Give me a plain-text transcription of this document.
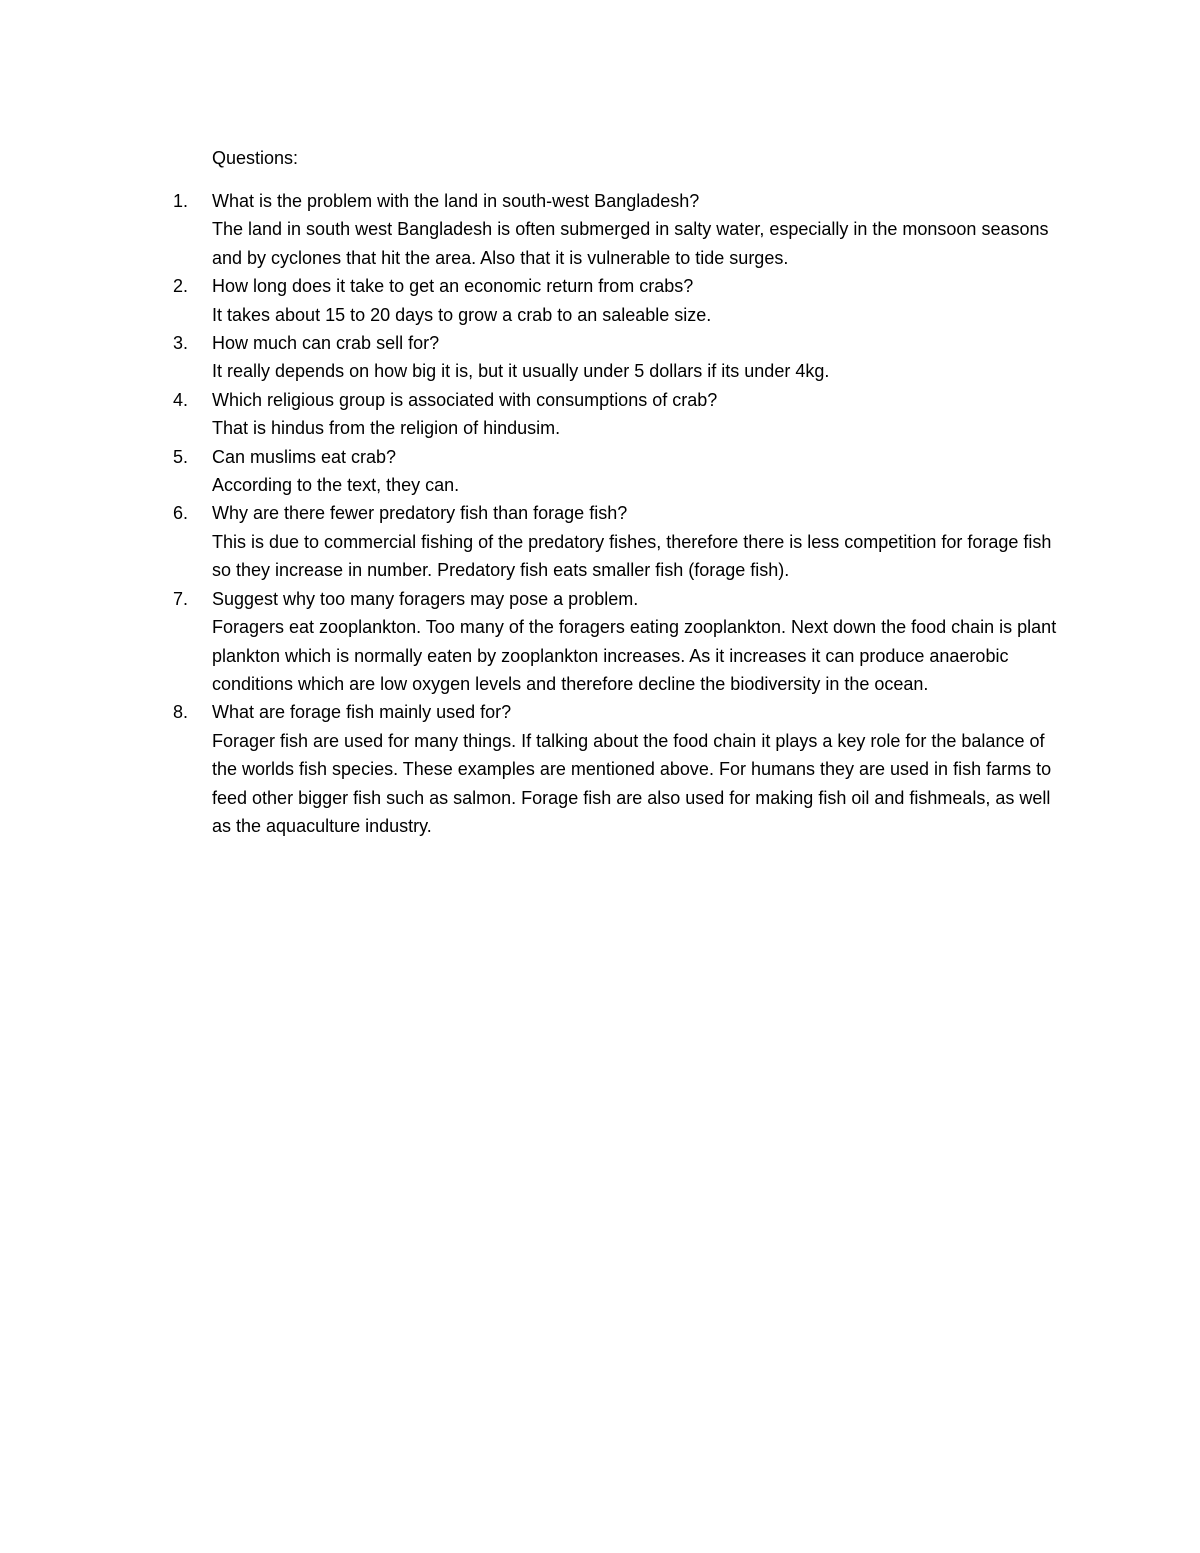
Questions:
1.	What is the problem with the land in south-west Bangladesh?
The land in south west Bangladesh is often submerged in salty water, especially in the monsoon seasons and by cyclones that hit the area. Also that it is vulnerable to tide surges.
2.	How long does it take to get an economic return from crabs?
It takes about 15 to 20 days to grow a crab to an saleable size.
3.	How much can crab sell for?
It really depends on how big it is, but it usually under 5 dollars if its under 4kg.
4.	Which religious group is associated with consumptions of crab?
That is hindus from the religion of hindusim.
5.	Can muslims eat crab?
According to the text, they can.
6.	Why are there fewer predatory fish than forage fish?
This is due to commercial fishing of the predatory fishes, therefore there is less competition for forage fish so they increase in number. Predatory fish eats smaller fish (forage fish).
7.	Suggest why too many foragers may pose a problem.
Foragers eat zooplankton. Too many of the foragers eating zooplankton. Next down the food chain is plant plankton which is normally eaten by zooplankton increases. As it increases it can produce anaerobic conditions which are low oxygen levels and therefore decline the biodiversity in the ocean.
8.	What are forage fish mainly used for?
Forager fish are used for many things. If talking about the food chain it plays a key role for the balance of the worlds fish species. These examples are mentioned above. For humans they are used in fish farms to feed other bigger fish such as salmon. Forage fish are also used for making fish oil and fishmeals, as well as the aquaculture industry.
